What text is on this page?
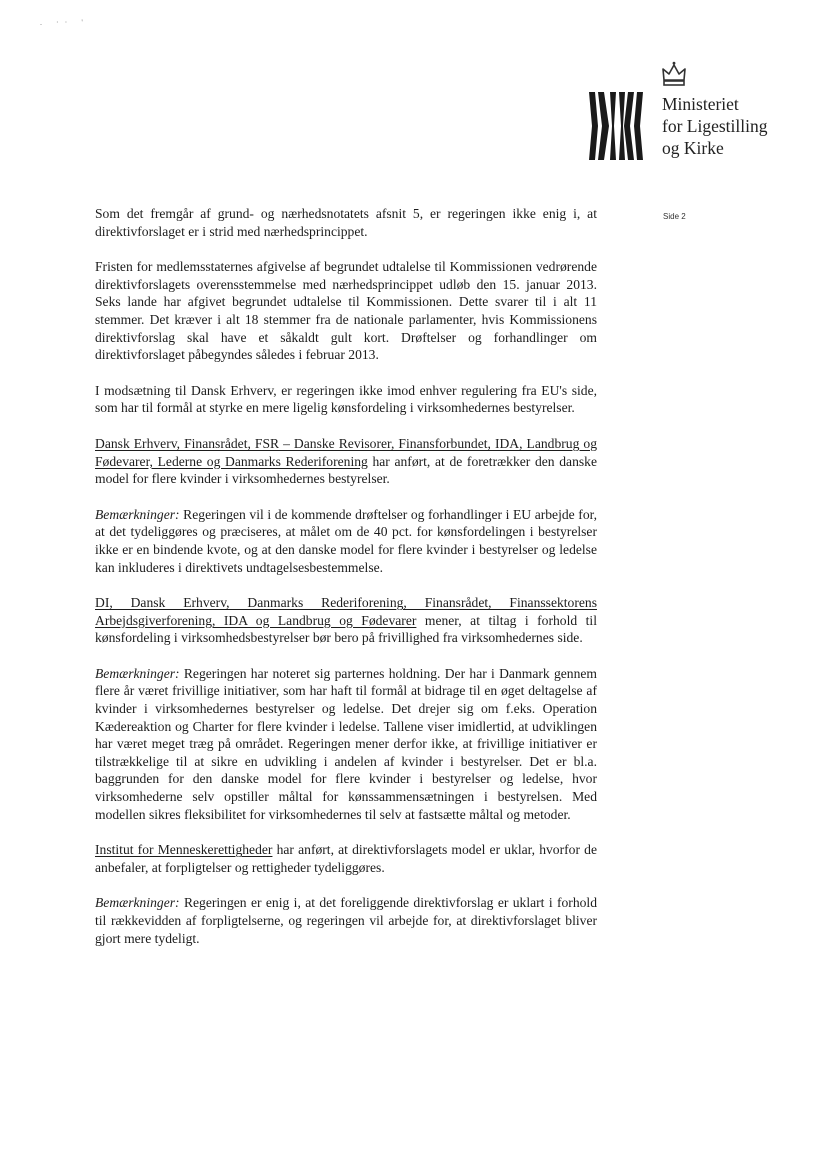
. ·· '
Ministeriet
for Ligestilling
og Kirke
Side 2

Som det fremgår af grund- og nærhedsnotatets afsnit 5, er regeringen ikke enig i, at direktivforslaget er i strid med nærhedsprincippet.

Fristen for medlemsstaternes afgivelse af begrundet udtalelse til Kommissionen vedrørende direktivforslagets overensstemmelse med nærhedsprincippet udløb den 15. januar 2013. Seks lande har afgivet begrundet udtalelse til Kommissionen. Dette svarer til i alt 11 stemmer. Det kræver i alt 18 stemmer fra de nationale parlamenter, hvis Kommissionens direktivforslag skal have et såkaldt gult kort. Drøftelser og forhandlinger om direktivforslaget påbegyndes således i februar 2013.

I modsætning til Dansk Erhverv, er regeringen ikke imod enhver regulering fra EU's side, som har til formål at styrke en mere ligelig kønsfordeling i virksomhedernes bestyrelser.

Dansk Erhverv, Finansrådet, FSR – Danske Revisorer, Finansforbundet, IDA, Landbrug og Fødevarer, Lederne og Danmarks Rederiforening har anført, at de foretrækker den danske model for flere kvinder i virksomhedernes bestyrelser.

Bemærkninger: Regeringen vil i de kommende drøftelser og forhandlinger i EU arbejde for, at det tydeliggøres og præciseres, at målet om de 40 pct. for kønsfordelingen i bestyrelser ikke er en bindende kvote, og at den danske model for flere kvinder i bestyrelser og ledelse kan inkluderes i direktivets undtagelsesbestemmelse.

DI, Dansk Erhverv, Danmarks Rederiforening, Finansrådet, Finanssektorens Arbejdsgiverforening, IDA og Landbrug og Fødevarer mener, at tiltag i forhold til kønsfordeling i virksomhedsbestyrelser bør bero på frivillighed fra virksomhedernes side.

Bemærkninger: Regeringen har noteret sig parternes holdning. Der har i Danmark gennem flere år været frivillige initiativer, som har haft til formål at bidrage til en øget deltagelse af kvinder i virksomhedernes bestyrelser og ledelse. Det drejer sig om f.eks. Operation Kædereaktion og Charter for flere kvinder i ledelse. Tallene viser imidlertid, at udviklingen har været meget træg på området. Regeringen mener derfor ikke, at frivillige initiativer er tilstrækkelige til at sikre en udvikling i andelen af kvinder i bestyrelser. Det er bl.a. baggrunden for den danske model for flere kvinder i bestyrelser og ledelse, hvor virksomhederne selv opstiller måltal for kønssammensætningen i bestyrelsen. Med modellen sikres fleksibilitet for virksomhedernes til selv at fastsætte måltal og metoder.

Institut for Menneskerettigheder har anført, at direktivforslagets model er uklar, hvorfor de anbefaler, at forpligtelser og rettigheder tydeliggøres.

Bemærkninger: Regeringen er enig i, at det foreliggende direktivforslag er uklart i forhold til rækkevidden af forpligtelserne, og regeringen vil arbejde for, at direktivforslaget bliver gjort mere tydeligt.
